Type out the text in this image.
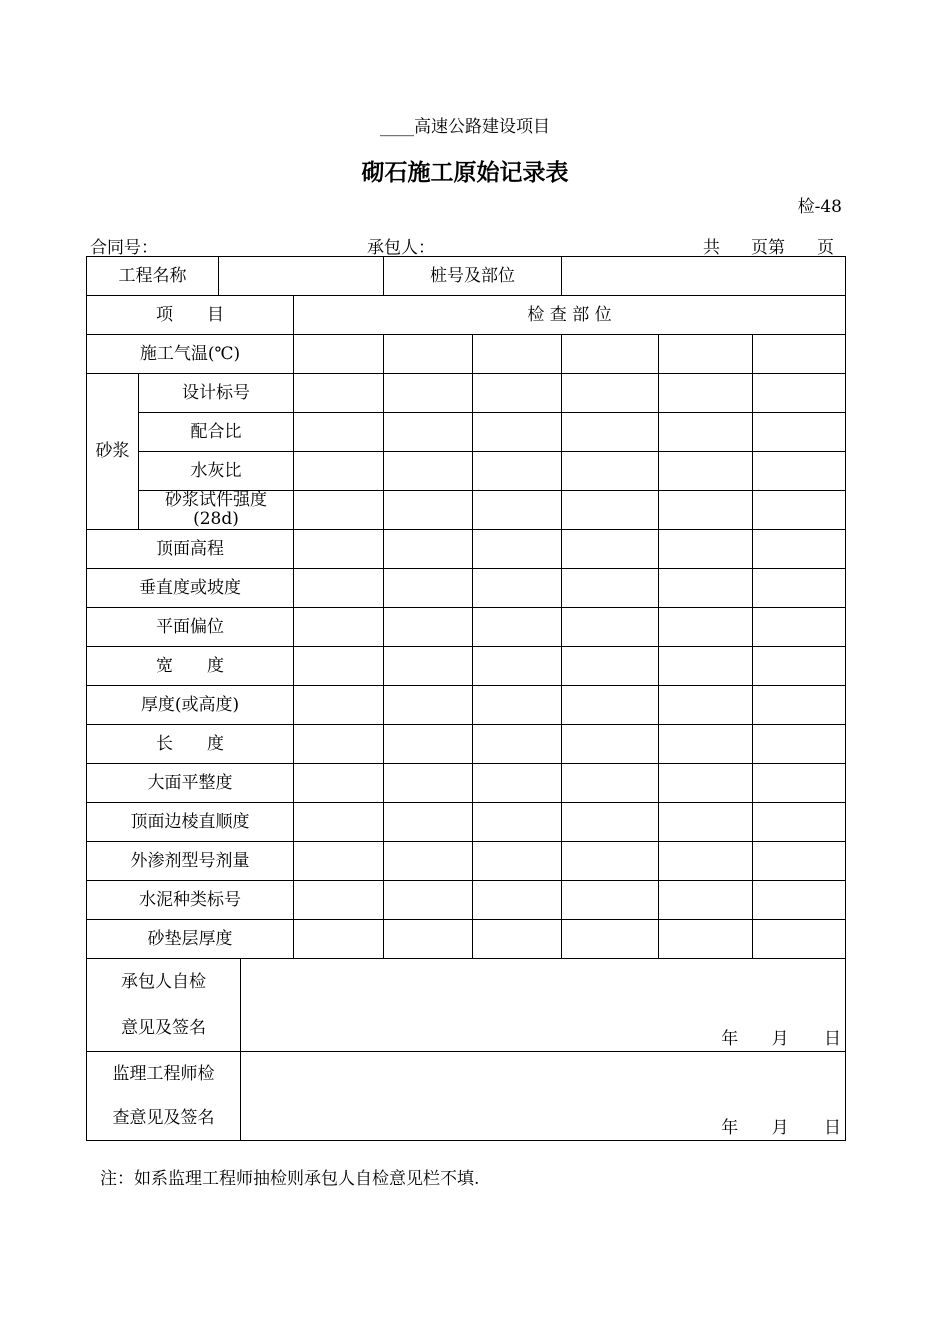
____高速公路建设项目
砌石施工原始记录表
检-48
合同号：	承包人：	共 页第 页
工程名称					桩号及部位				
项　　目				检 查 部 位					
施工气温(℃)									
砂浆	设计标号								
	配合比								
	水灰比								

	砂浆试件强度
(28d)								

顶面高程									
垂直度或坡度									
平面偏位									
宽　　度									
厚度(或高度)									
长　　度									
大面平整度									
顶面边棱直顺度									
外渗剂型号剂量									
水泥种类标号									
砂垫层厚度									

承包人自检
意见及签名			年 月 日						

监理工程师检
查意见及签名			年 月 日						
注：如系监理工程师抽检则承包人自检意见栏不填.
